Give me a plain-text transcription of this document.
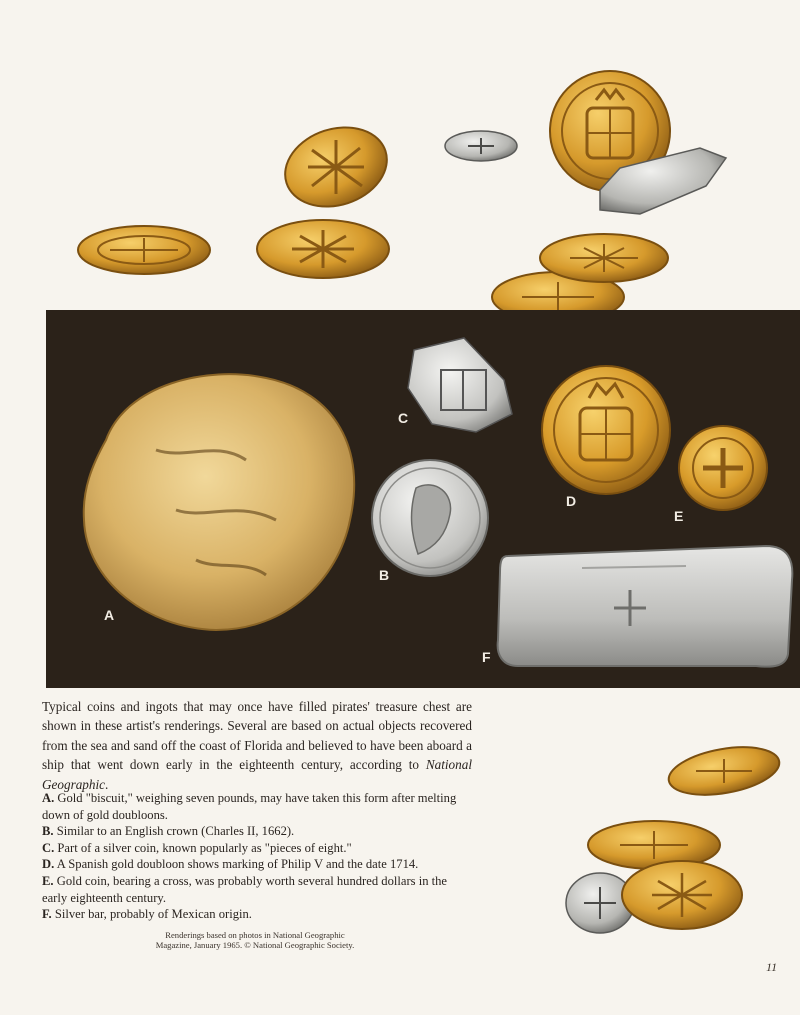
A
B
C
D
E
F

Typical coins and ingots that may once have filled pirates' treasure chest are shown in these artist's renderings. Several are based on actual objects recovered from the sea and sand off the coast of Florida and believed to have been aboard a ship that went down early in the eighteenth century, according to National Geographic.

A. Gold "biscuit," weighing seven pounds, may have taken this form after melting down of gold doubloons.
B. Similar to an English crown (Charles II, 1662).
C. Part of a silver coin, known popularly as "pieces of eight."
D. A Spanish gold doubloon shows marking of Philip V and the date 1714.
E. Gold coin, bearing a cross, was probably worth several hundred dollars in the early eighteenth century.
F. Silver bar, probably of Mexican origin.
Renderings based on photos in National Geographic
Magazine, January 1965. © National Geographic Society.
11
